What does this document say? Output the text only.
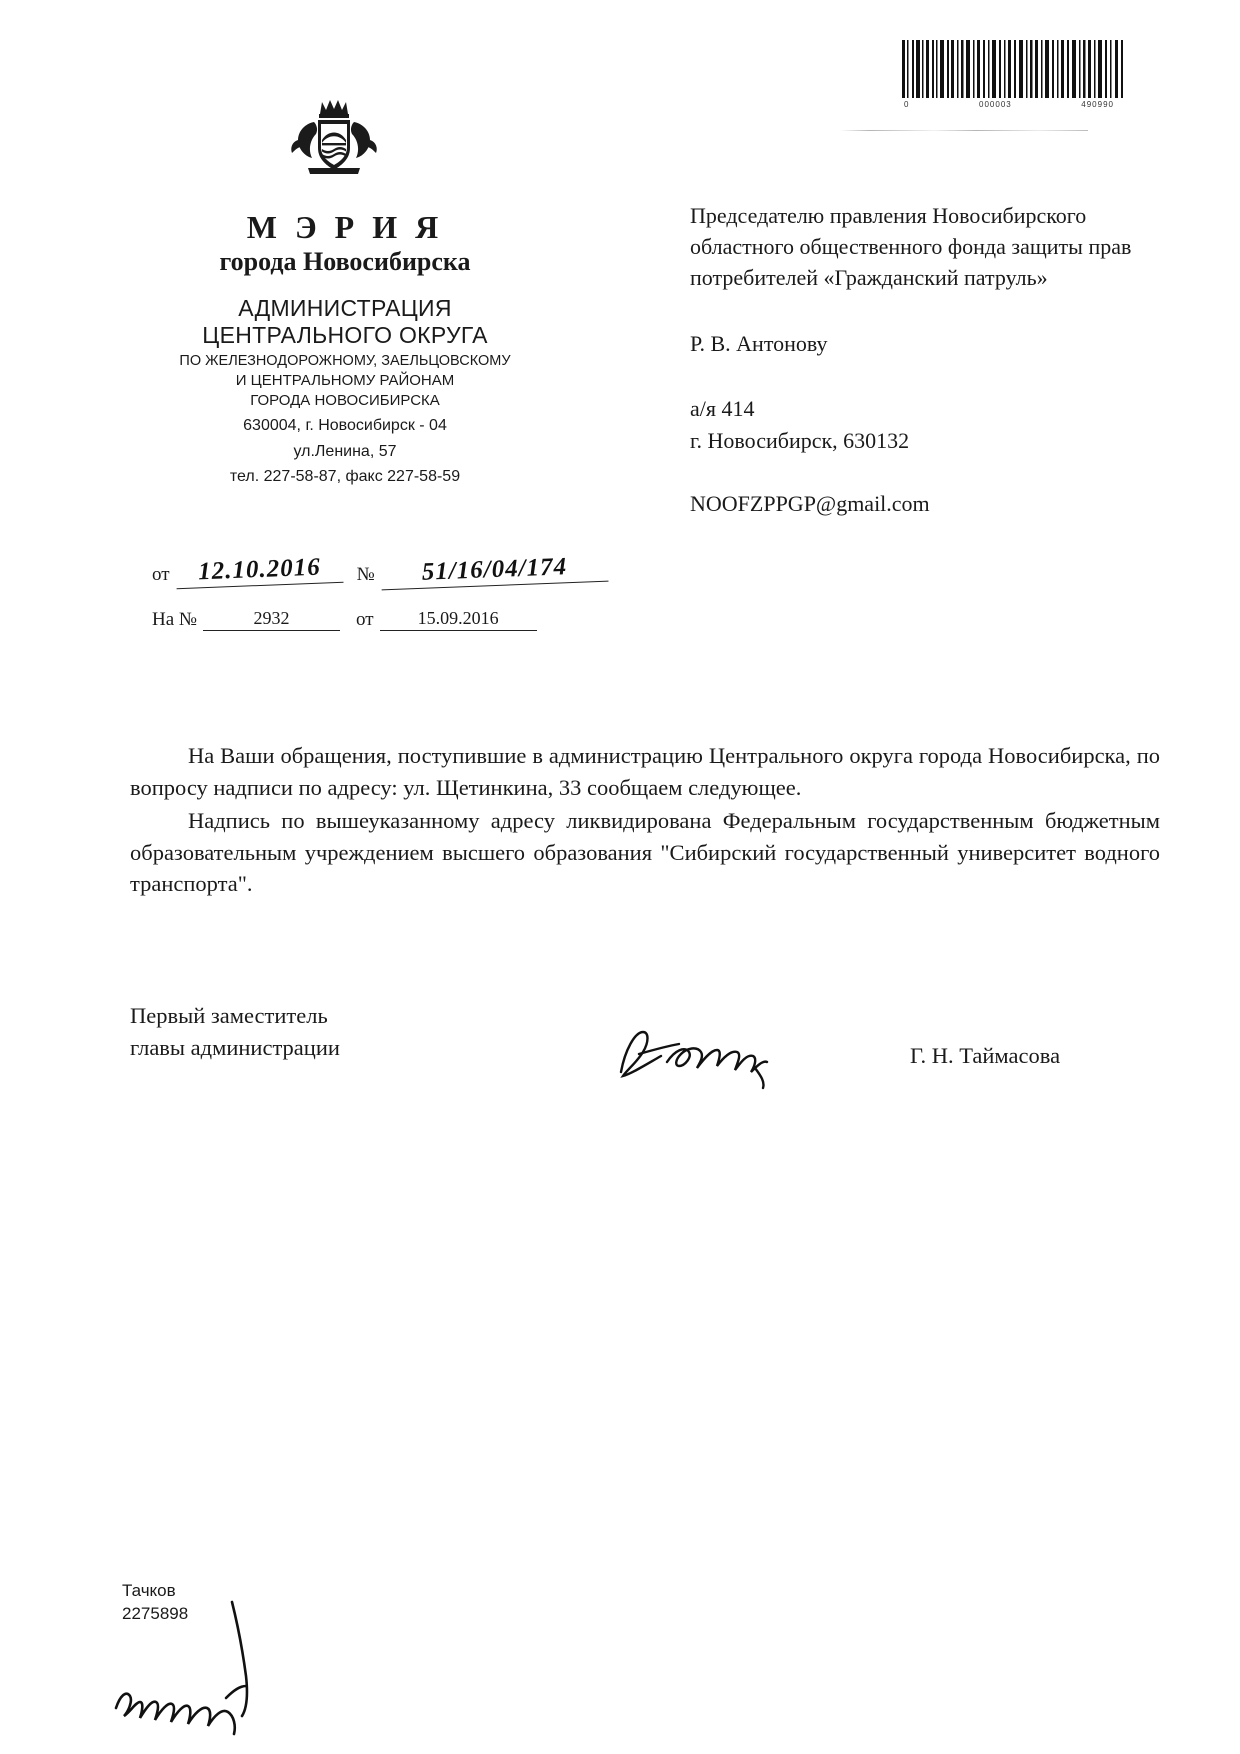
0	000003	490990
М Э Р И Я
города Новосибирска
АДМИНИСТРАЦИЯ
ЦЕНТРАЛЬНОГО ОКРУГА
ПО ЖЕЛЕЗНОДОРОЖНОМУ, ЗАЕЛЬЦОВСКОМУ
И ЦЕНТРАЛЬНОМУ РАЙОНАМ
ГОРОДА НОВОСИБИРСКА
630004, г. Новосибирск - 04
ул.Ленина, 57
тел. 227-58-87, факс 227-58-59
от	12.10.2016	№	51/16/04/174
На №	2932	от	15.09.2016
Председателю правления Новосибирского областного общественного фонда защиты прав потребителей «Гражданский патруль»
Р. В. Антонову
а/я 414
г. Новосибирск, 630132
NOOFZPPGP@gmail.com

На Ваши обращения, поступившие в администрацию Центрального округа города Новосибирска, по вопросу надписи по адресу: ул. Щетинкина, 33 сообщаем следующее.

Надпись по вышеуказанному адресу ликвидирована Федеральным государственным бюджетным образовательным учреждением высшего образования "Сибирский государственный университет водного транспорта".

Первый заместитель
главы администрации	Г. Н. Таймасова
Тачков
2275898
